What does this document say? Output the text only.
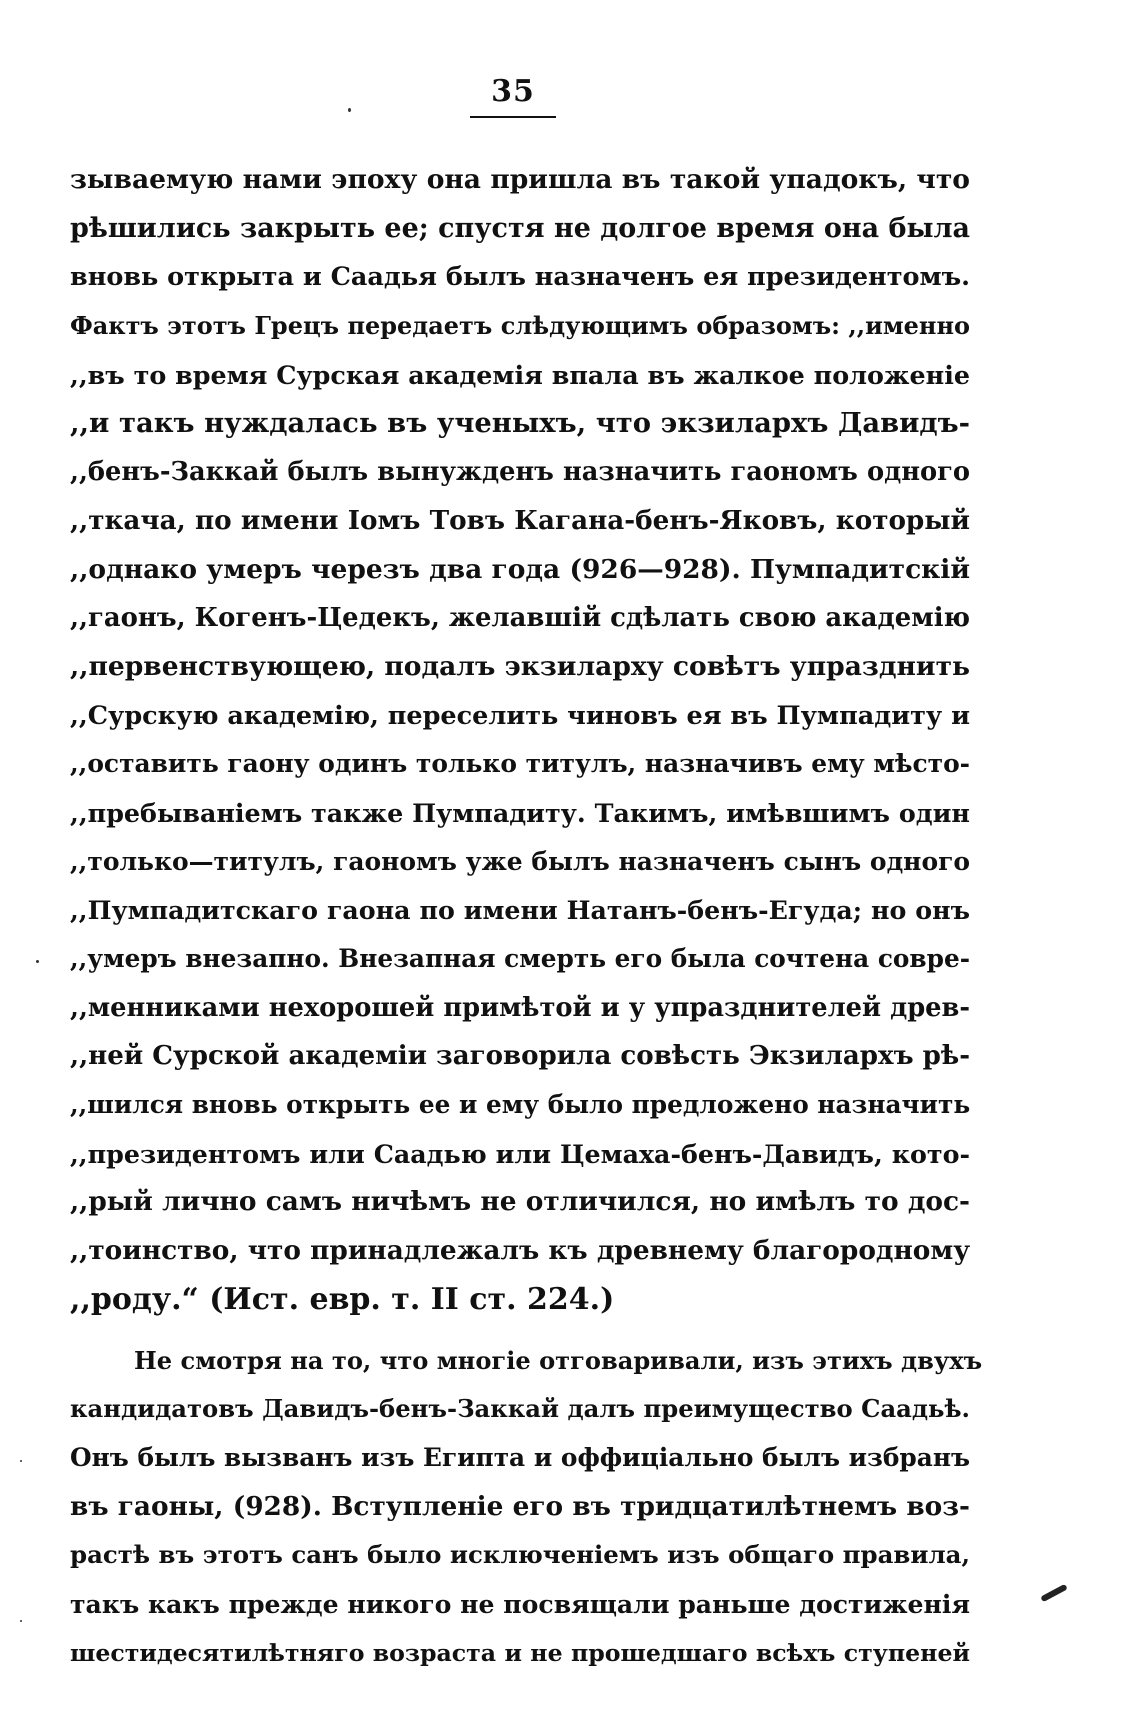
35
зываемую нами эпоху она пришла въ такой упадокъ, что
рѣшились закрыть ее; спустя не долгое время она была
вновь открыта и Саадья былъ назначенъ ея президентомъ.
Фактъ этотъ Грецъ передаетъ слѣдующимъ образомъ: ,,именно
,,въ то время Сурская академія впала въ жалкое положеніе
,,и такъ нуждалась въ ученыхъ, что экзилархъ Давидъ-
,,бенъ-Заккай былъ вынужденъ назначить гаономъ одного
,,ткача, по имени Іомъ Товъ Кагана-бенъ-Яковъ, который
,,однако умеръ черезъ два года (926—928). Пумпадитскій
,,гаонъ, Когенъ-Цедекъ, желавшій сдѣлать свою академію
,,первенствующею, подалъ экзиларху совѣтъ упразднить
,,Сурскую академію, переселить чиновъ ея въ Пумпадиту и
,,оставить гаону одинъ только титулъ, назначивъ ему мѣсто-
,,пребываніемъ также Пумпадиту. Такимъ, имѣвшимъ один
,,только—титулъ, гаономъ уже былъ назначенъ сынъ одного
,,Пумпадитскаго гаона по имени Натанъ-бенъ-Егуда; но онъ
,,умеръ внезапно. Внезапная смерть его была сочтена совре-
,,менниками нехорошей примѣтой и у упразднителей древ-
,,ней Сурской академіи заговорила совѣсть Экзилархъ рѣ-
,,шился вновь открыть ее и ему было предложено назначить
,,президентомъ или Саадью или Цемаха-бенъ-Давидъ, кото-
,,рый лично самъ ничѣмъ не отличился, но имѣлъ то дос-
,,тоинство, что принадлежалъ къ древнему благородному
,,роду.“ (Ист. евр. т. II ст. 224.)
Не смотря на то, что многіе отговаривали, изъ этихъ двухъ
кандидатовъ Давидъ-бенъ-Заккай далъ преимущество Саадьѣ.
Онъ былъ вызванъ изъ Египта и оффиціально былъ избранъ
въ гаоны, (928). Вступленіе его въ тридцатилѣтнемъ воз-
растѣ въ этотъ санъ было исключеніемъ изъ общаго правила,
такъ какъ прежде никого не посвящали раньше достиженія
шестидесятилѣтняго возраста и не прошедшаго всѣхъ ступеней
